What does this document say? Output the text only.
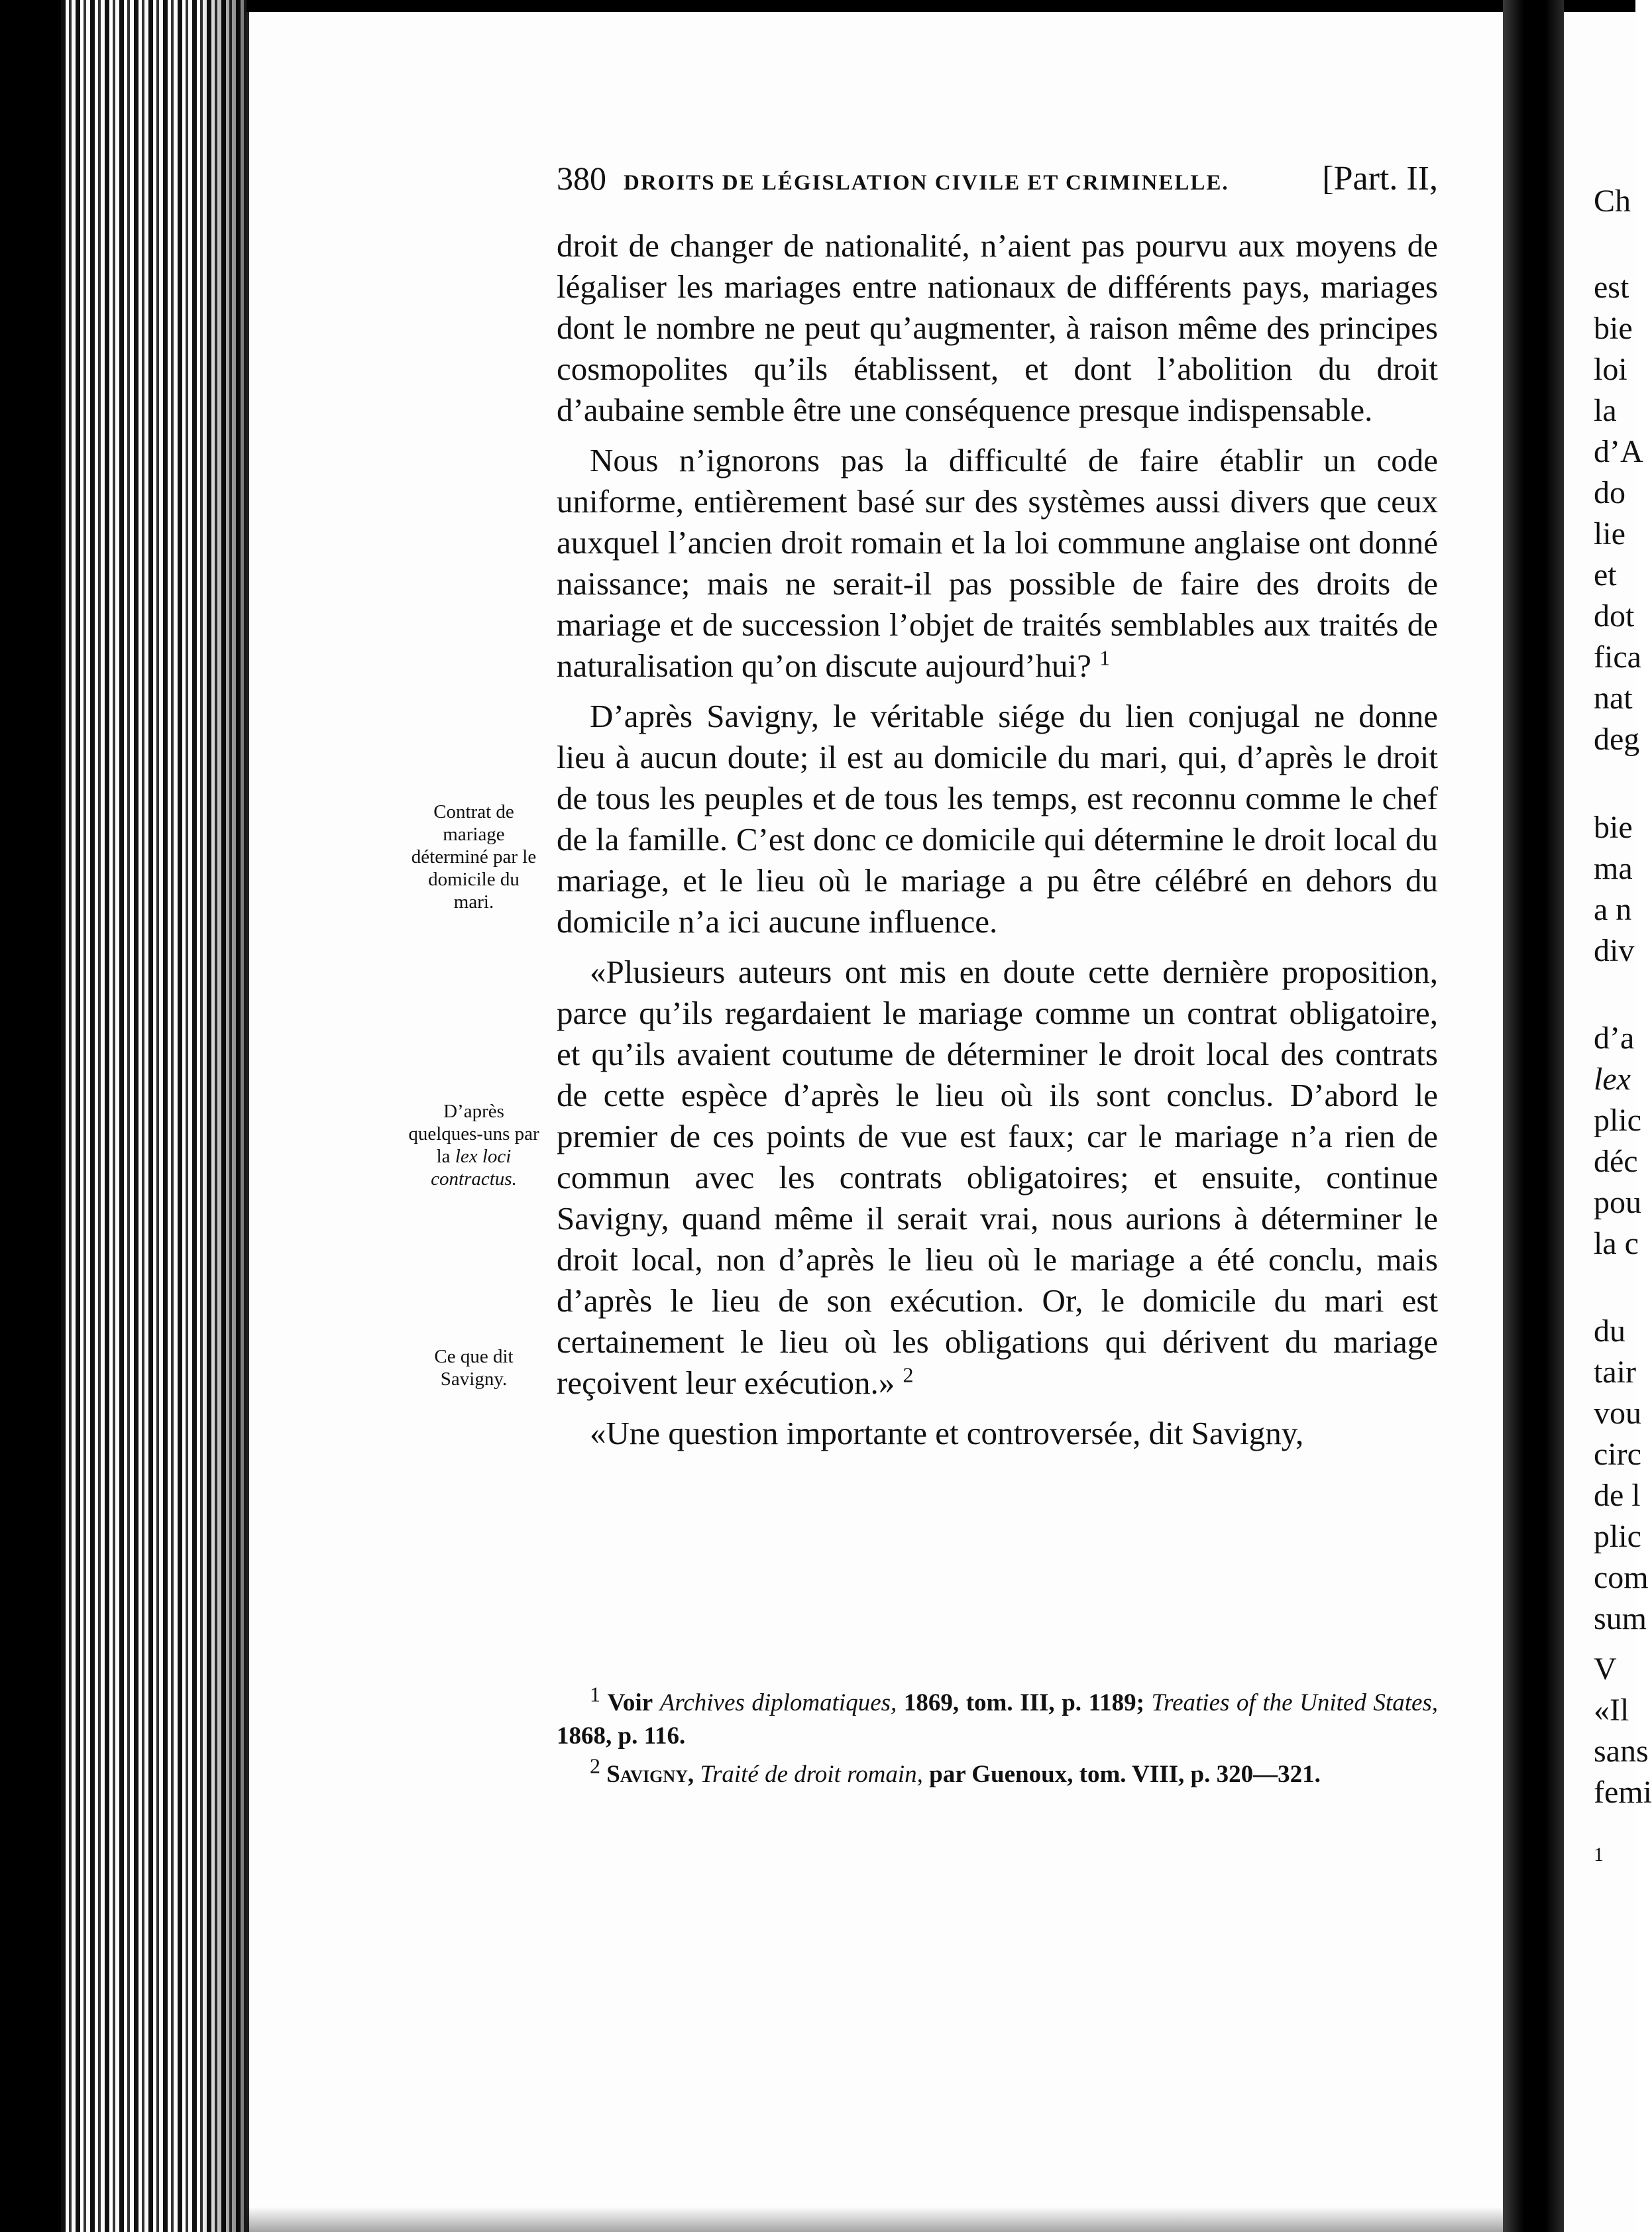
Ch
est
bie
loi
la
d’A
do
lie
et
dot
fica
nat
deg
bie
ma
a n
div
d’a
lex
plic
déc
pou
la c
du
tair
vou
circ
de l
plic
com
sum
V
«Il
sans
femi
1
380 DROITS DE LÉGISLATION CIVILE ET CRIMINELLE.	[Part. II,

droit de changer de nationalité, n’aient pas pourvu aux moyens de légaliser les mariages entre nationaux de différents pays, mariages dont le nombre ne peut qu’augmenter, à raison même des principes cosmopolites qu’ils établissent, et dont l’abolition du droit d’aubaine semble être une conséquence presque indispensable.

Nous n’ignorons pas la difficulté de faire établir un code uniforme, entièrement basé sur des systèmes aussi divers que ceux auxquel l’ancien droit romain et la loi commune anglaise ont donné naissance; mais ne serait-il pas possible de faire des droits de mariage et de succession l’objet de traités semblables aux traités de naturalisation qu’on discute aujourd’hui? $^1$

D’après Savigny, le véritable siége du lien conjugal ne donne lieu à aucun doute; il est au domicile du mari, qui, d’après le droit de tous les peuples et de tous les temps, est reconnu comme le chef de la famille. C’est donc ce domicile qui détermine le droit local du mariage, et le lieu où le mariage a pu être célébré en dehors du domicile n’a ici aucune influence.

«Plusieurs auteurs ont mis en doute cette dernière proposition, parce qu’ils regardaient le mariage comme un contrat obligatoire, et qu’ils avaient coutume de déterminer le droit local des contrats de cette espèce d’après le lieu où ils sont conclus. D’abord le premier de ces points de vue est faux; car le mariage n’a rien de commun avec les contrats obligatoires; et ensuite, continue Savigny, quand même il serait vrai, nous aurions à déterminer le droit local, non d’après le lieu où le mariage a été conclu, mais d’après le lieu de son exécution. Or, le domicile du mari est certainement le lieu où les obligations qui dérivent du mariage reçoivent leur exécution.» $^2$

«Une question importante et controversée, dit Savigny,

Contrat de mariage déterminé par le domicile du mari.
D’après quelques-uns par la lex loci contractus.
Ce que dit Savigny.

$^1$ Voir Archives diplomatiques, 1869, tom. III, p. 1189; Treaties of the United States, 1868, p. 116.

$^2$ Savigny, Traité de droit romain, par Guenoux, tom. VIII, p. 320—321.
